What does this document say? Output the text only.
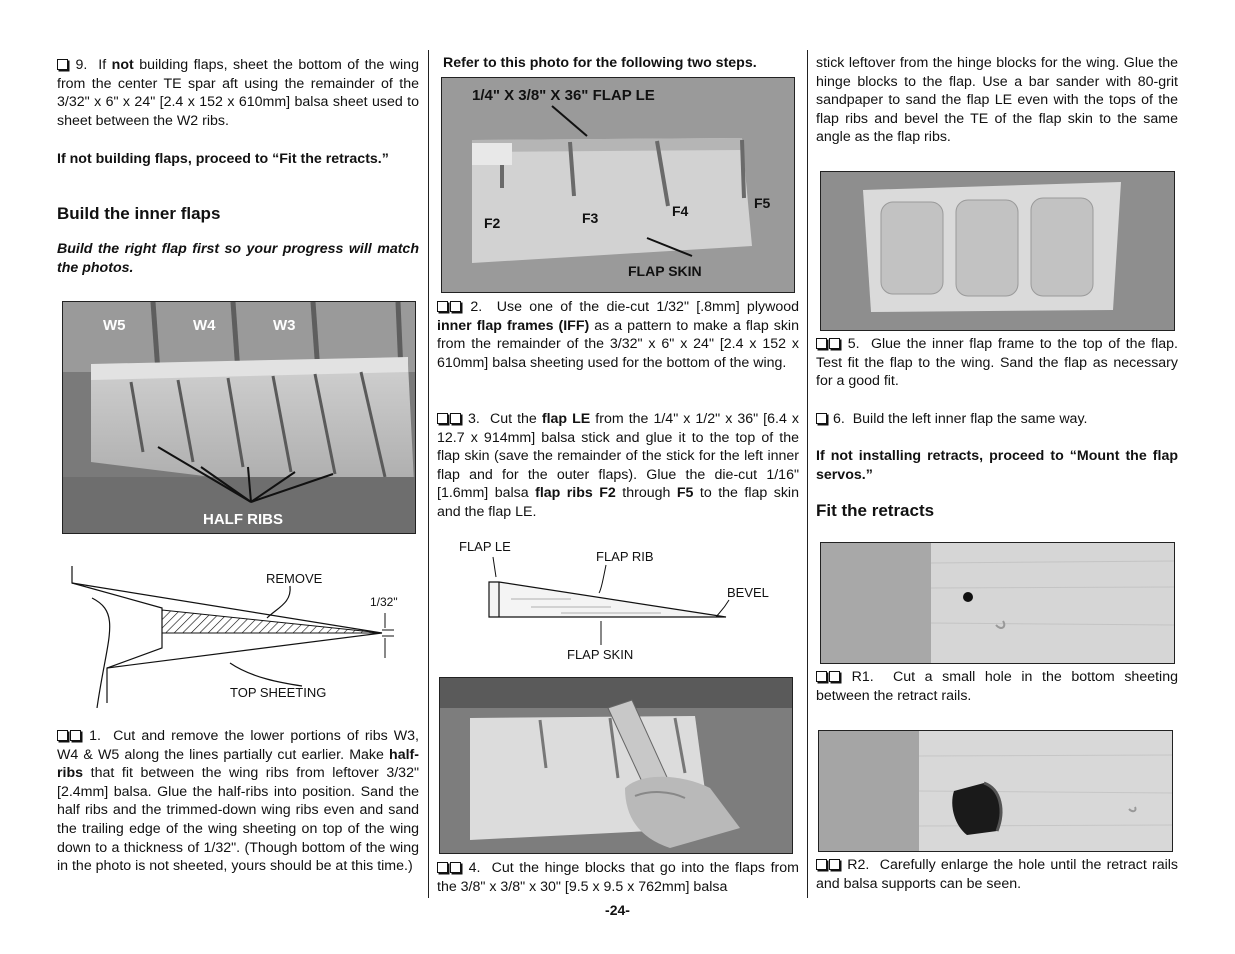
9. If not building flaps, sheet the bottom of the wing from the center TE spar aft using the remainder of the 3/32" x 6" x 24" [2.4 x 152 x 610mm] balsa sheet used to sheet between the W2 ribs.

If not building flaps, proceed to “Fit the retracts.”

Build the inner flaps

Build the right flap first so your progress will match the photos.

W5	W4	W3
HALF RIBS
REMOVE
1/32"
TOP SHEETING

1. Cut and remove the lower portions of ribs W3, W4 & W5 along the lines partially cut earlier. Make half-ribs that fit between the wing ribs from leftover 3/32" [2.4mm] balsa. Glue the half-ribs into position. Sand the half ribs and the trimmed-down wing ribs even and sand the trailing edge of the wing sheeting on top of the wing down to a thickness of 1/32". (Though bottom of the wing in the photo is not sheeted, yours should be at this time.)

Refer to this photo for the following two steps.

1/4" X 3/8" X 36" FLAP LE
F2	F3	F4	F5
FLAP SKIN

2. Use one of the die-cut 1/32" [.8mm] plywood inner flap frames (IFF) as a pattern to make a flap skin from the remainder of the 3/32" x 6" x 24" [2.4 x 152 x 610mm] balsa sheeting used for the bottom of the wing.

3. Cut the flap LE from the 1/4" x 1/2" x 36" [6.4 x 12.7 x 914mm] balsa stick and glue it to the top of the flap skin (save the remainder of the stick for the left inner flap and for the outer flaps). Glue the die-cut 1/16" [1.6mm] balsa flap ribs F2 through F5 to the flap skin and the flap LE.

FLAP LE
FLAP RIB
BEVEL
FLAP SKIN

4. Cut the hinge blocks that go into the flaps from the 3/8" x 3/8" x 30" [9.5 x 9.5 x 762mm] balsa

stick leftover from the hinge blocks for the wing. Glue the hinge blocks to the flap. Use a bar sander with 80-grit sandpaper to sand the flap LE even with the tops of the flap ribs and bevel the TE of the flap skin to the same angle as the flap ribs.

5. Glue the inner flap frame to the top of the flap. Test fit the flap to the wing. Sand the flap as necessary for a good fit.

6. Build the left inner flap the same way.

If not installing retracts, proceed to “Mount the flap servos.”

Fit the retracts

R1. Cut a small hole in the bottom sheeting between the retract rails.

R2. Carefully enlarge the hole until the retract rails and balsa supports can be seen.

-24-
